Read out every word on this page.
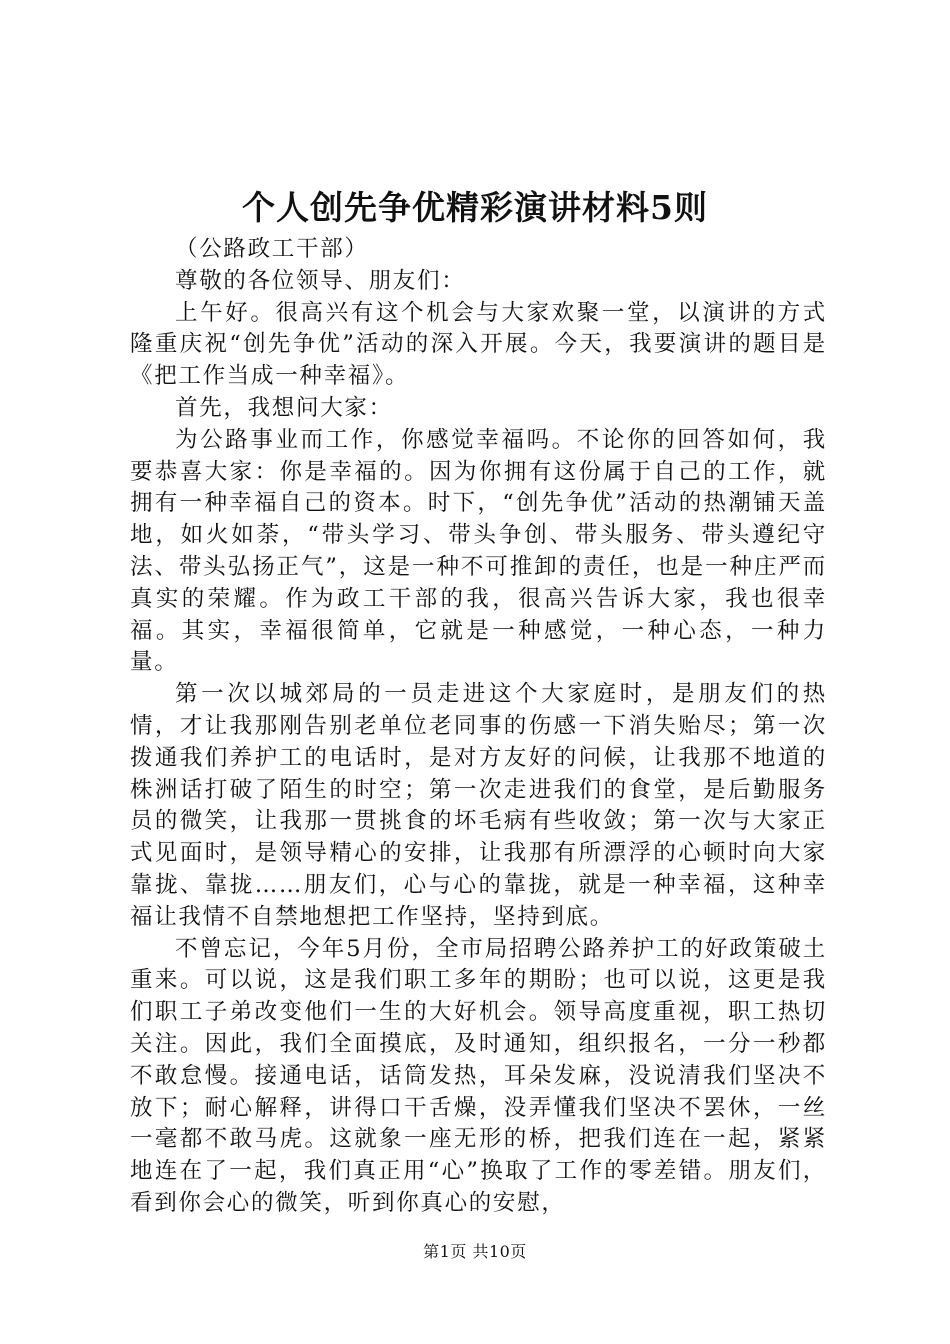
个人创先争优精彩演讲材料5则

（公路政工干部）

尊敬的各位领导、朋友们：

上午好。很高兴有这个机会与大家欢聚一堂，以演讲的方式隆重庆祝“创先争优”活动的深入开展。今天，我要演讲的题目是《把工作当成一种幸福》。

首先，我想问大家：

为公路事业而工作，你感觉幸福吗。不论你的回答如何，我要恭喜大家：你是幸福的。因为你拥有这份属于自己的工作，就拥有一种幸福自己的资本。时下，“创先争优”活动的热潮铺天盖地，如火如荼，“带头学习、带头争创、带头服务、带头遵纪守法、带头弘扬正气”，这是一种不可推卸的责任，也是一种庄严而真实的荣耀。作为政工干部的我，很高兴告诉大家，我也很幸福。其实，幸福很简单，它就是一种感觉，一种心态，一种力量。

第一次以城郊局的一员走进这个大家庭时，是朋友们的热情，才让我那刚告别老单位老同事的伤感一下消失贻尽；第一次拨通我们养护工的电话时，是对方友好的问候，让我那不地道的株洲话打破了陌生的时空；第一次走进我们的食堂，是后勤服务员的微笑，让我那一贯挑食的坏毛病有些收敛；第一次与大家正式见面时，是领导精心的安排，让我那有所漂浮的心顿时向大家靠拢、靠拢……朋友们，心与心的靠拢，就是一种幸福，这种幸福让我情不自禁地想把工作坚持，坚持到底。

不曾忘记，今年5月份，全市局招聘公路养护工的好政策破土重来。可以说，这是我们职工多年的期盼；也可以说，这更是我们职工子弟改变他们一生的大好机会。领导高度重视，职工热切关注。因此，我们全面摸底，及时通知，组织报名，一分一秒都不敢怠慢。接通电话，话筒发热，耳朵发麻，没说清我们坚决不放下；耐心解释，讲得口干舌燥，没弄懂我们坚决不罢休，一丝一毫都不敢马虎。这就象一座无形的桥，把我们连在一起，紧紧地连在了一起，我们真正用“心”换取了工作的零差错。朋友们，看到你会心的微笑，听到你真心的安慰，

第1页 共10页
